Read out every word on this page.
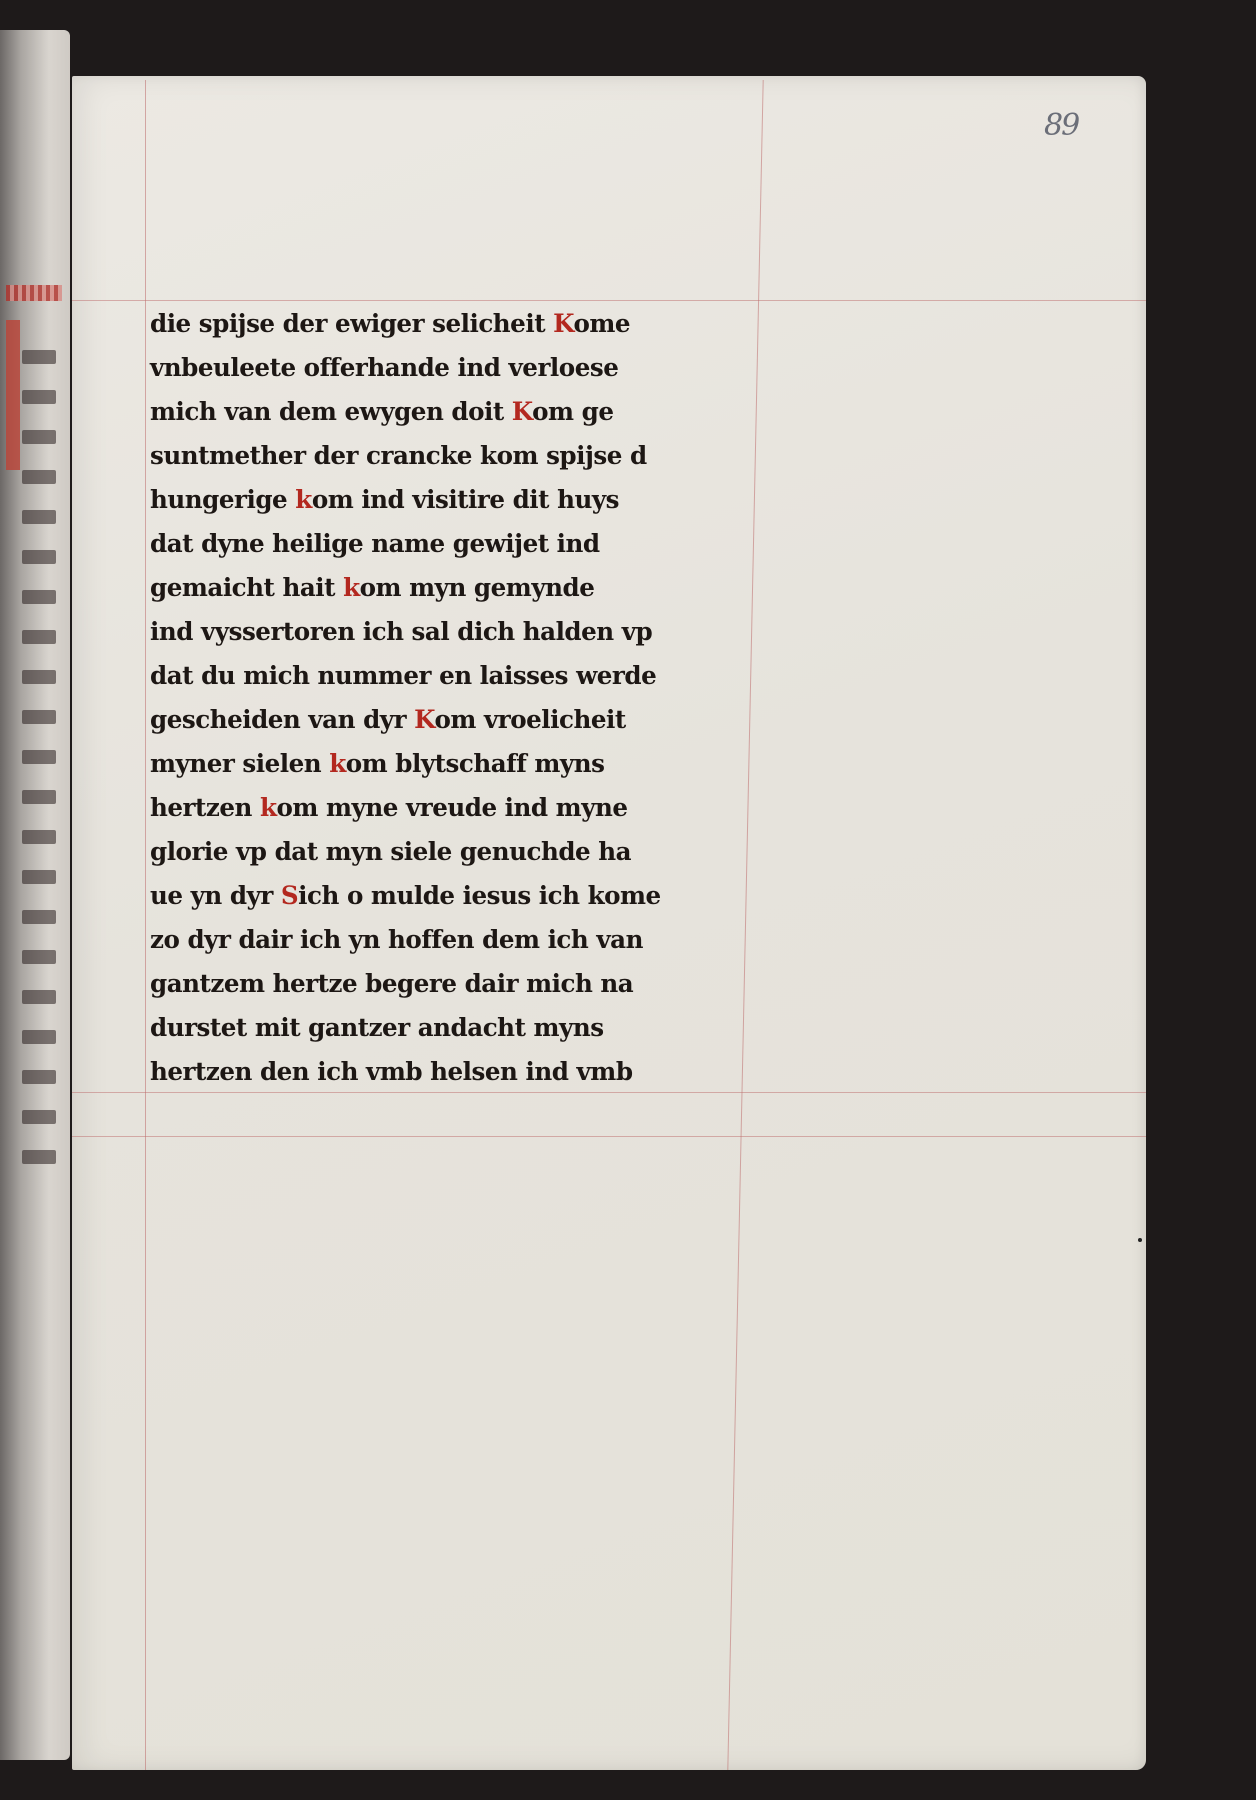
89
die spijse der ewiger selicheit Kome
vnbeuleete offerhande ind verloese
mich van dem ewygen doit Kom ge
suntmether der crancke kom spijse d
hungerige kom ind visitire dit huys
dat dyne heilige name gewijet ind
gemaicht hait kom myn gemynde
ind vyssertoren ich sal dich halden vp
dat du mich nummer en laisses werde
gescheiden van dyr Kom vroelicheit
myner sielen kom blytschaff myns
hertzen kom myne vreude ind myne
glorie vp dat myn siele genuchde ha
ue yn dyr Sich o mulde iesus ich kome
zo dyr dair ich yn hoffen dem ich van
gantzem hertze begere dair mich na
durstet mit gantzer andacht myns
hertzen den ich vmb helsen ind vmb
